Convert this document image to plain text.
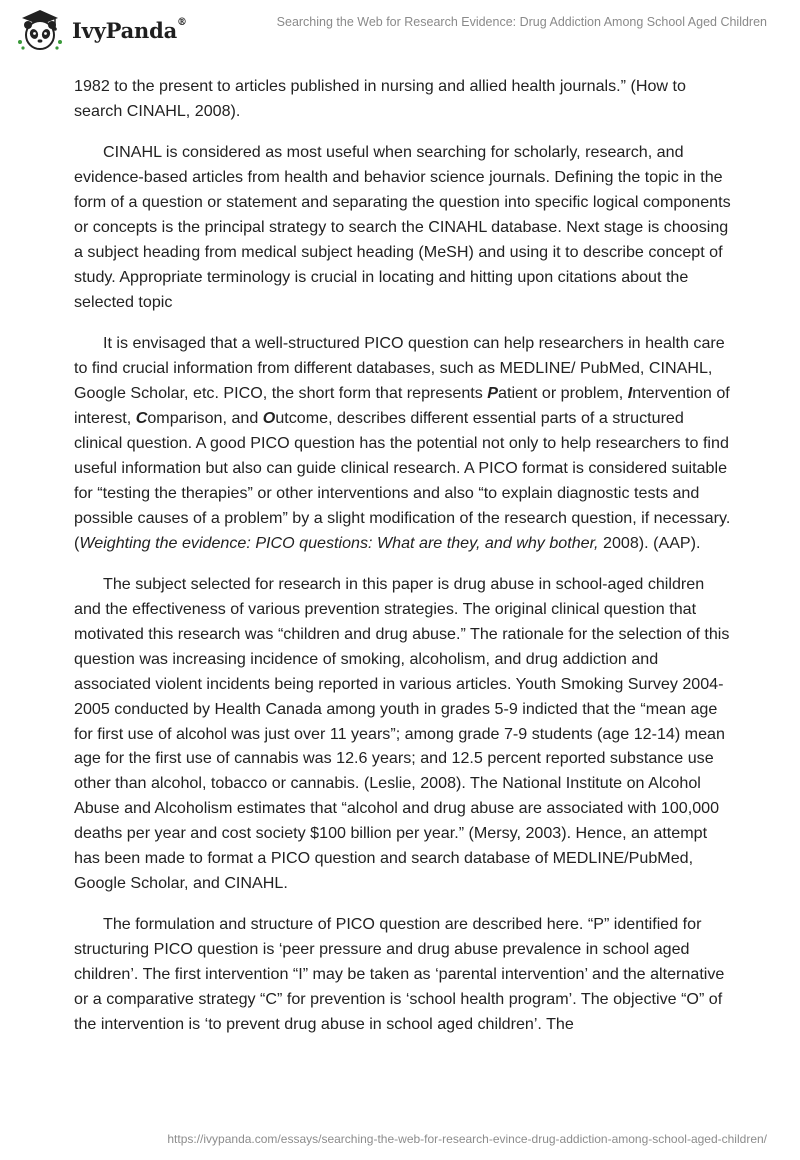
IvyPanda®	Searching the Web for Research Evidence: Drug Addiction Among School Aged Children

1982 to the present to articles published in nursing and allied health journals.” (How to search CINAHL, 2008).

CINAHL is considered as most useful when searching for scholarly, research, and evidence-based articles from health and behavior science journals. Defining the topic in the form of a question or statement and separating the question into specific logical components or concepts is the principal strategy to search the CINAHL database. Next stage is choosing a subject heading from medical subject heading (MeSH) and using it to describe concept of study. Appropriate terminology is crucial in locating and hitting upon citations about the selected topic

It is envisaged that a well-structured PICO question can help researchers in health care to find crucial information from different databases, such as MEDLINE/ PubMed, CINAHL, Google Scholar, etc. PICO, the short form that represents Patient or problem, Intervention of interest, Comparison, and Outcome, describes different essential parts of a structured clinical question. A good PICO question has the potential not only to help researchers to find useful information but also can guide clinical research. A PICO format is considered suitable for “testing the therapies” or other interventions and also “to explain diagnostic tests and possible causes of a problem” by a slight modification of the research question, if necessary. (Weighting the evidence: PICO questions: What are they, and why bother, 2008). (AAP).

The subject selected for research in this paper is drug abuse in school-aged children and the effectiveness of various prevention strategies. The original clinical question that motivated this research was “children and drug abuse.” The rationale for the selection of this question was increasing incidence of smoking, alcoholism, and drug addiction and associated violent incidents being reported in various articles. Youth Smoking Survey 2004-2005 conducted by Health Canada among youth in grades 5-9 indicted that the “mean age for first use of alcohol was just over 11 years”; among grade 7-9 students (age 12-14) mean age for the first use of cannabis was 12.6 years; and 12.5 percent reported substance use other than alcohol, tobacco or cannabis. (Leslie, 2008). The National Institute on Alcohol Abuse and Alcoholism estimates that “alcohol and drug abuse are associated with 100,000 deaths per year and cost society $100 billion per year.” (Mersy, 2003). Hence, an attempt has been made to format a PICO question and search database of MEDLINE/PubMed, Google Scholar, and CINAHL.

The formulation and structure of PICO question are described here. “P” identified for structuring PICO question is ‘peer pressure and drug abuse prevalence in school aged children’. The first intervention “I” may be taken as ‘parental intervention’ and the alternative or a comparative strategy “C” for prevention is ‘school health program’. The objective “O” of the intervention is ‘to prevent drug abuse in school aged children’. The

https://ivypanda.com/essays/searching-the-web-for-research-evince-drug-addiction-among-school-aged-children/
